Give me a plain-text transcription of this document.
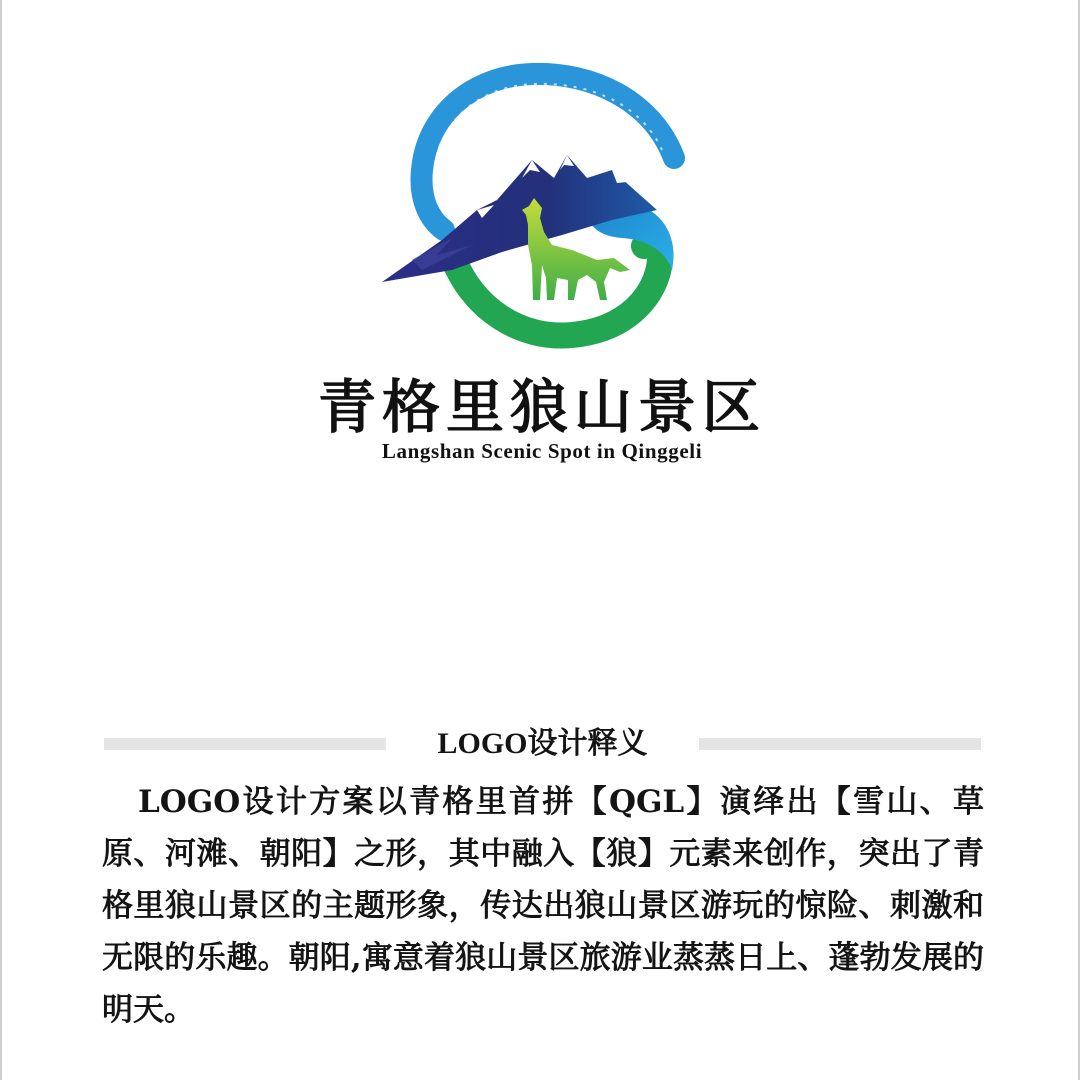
青格里狼山景区
Langshan Scenic Spot in Qinggeli
LOGO设计释义

LOGO设计方案以青格里首拼【QGL】演绎出【雪山、草原、河滩、朝阳】之形，其中融入【狼】元素来创作，突出了青格里狼山景区的主题形象，传达出狼山景区游玩的惊险、刺激和无限的乐趣。朝阳,寓意着狼山景区旅游业蒸蒸日上、蓬勃发展的明天。
